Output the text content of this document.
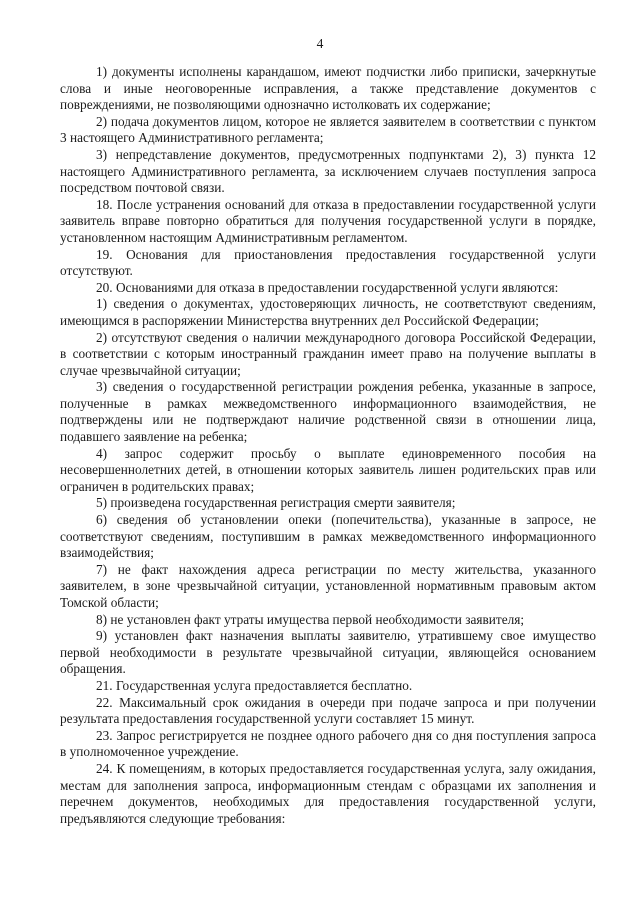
4

1) документы исполнены карандашом, имеют подчистки либо приписки, зачеркнутые слова и иные неоговоренные исправления, а также представление документов с повреждениями, не позволяющими однозначно истолковать их содержание;

2) подача документов лицом, которое не является заявителем в соответствии с пунктом 3 настоящего Административного регламента;

3) непредставление документов, предусмотренных подпунктами 2), 3) пункта 12 настоящего Административного регламента, за исключением случаев поступления запроса посредством почтовой связи.

18. После устранения оснований для отказа в предоставлении государственной услуги заявитель вправе повторно обратиться для получения государственной услуги в порядке, установленном настоящим Административным регламентом.

19. Основания для приостановления предоставления государственной услуги отсутствуют.

20. Основаниями для отказа в предоставлении государственной услуги являются:

1) сведения о документах, удостоверяющих личность, не соответствуют сведениям, имеющимся в распоряжении Министерства внутренних дел Российской Федерации;

2) отсутствуют сведения о наличии международного договора Российской Федерации, в соответствии с которым иностранный гражданин имеет право на получение выплаты в случае чрезвычайной ситуации;

3) сведения о государственной регистрации рождения ребенка, указанные в запросе, полученные в рамках межведомственного информационного взаимодействия, не подтверждены или не подтверждают наличие родственной связи в отношении лица, подавшего заявление на ребенка;

4) запрос содержит просьбу о выплате единовременного пособия на несовершеннолетних детей, в отношении которых заявитель лишен родительских прав или ограничен в родительских правах;

5) произведена государственная регистрация смерти заявителя;

6) сведения об установлении опеки (попечительства), указанные в запросе, не соответствуют сведениям, поступившим в рамках межведомственного информационного взаимодействия;

7) не факт нахождения адреса регистрации по месту жительства, указанного заявителем, в зоне чрезвычайной ситуации, установленной нормативным правовым актом Томской области;

8) не установлен факт утраты имущества первой необходимости заявителя;

9) установлен факт назначения выплаты заявителю, утратившему свое имущество первой необходимости в результате чрезвычайной ситуации, являющейся основанием обращения.

21. Государственная услуга предоставляется бесплатно.

22. Максимальный срок ожидания в очереди при подаче запроса и при получении результата предоставления государственной услуги составляет 15 минут.

23. Запрос регистрируется не позднее одного рабочего дня со дня поступления запроса в уполномоченное учреждение.

24. К помещениям, в которых предоставляется государственная услуга, залу ожидания, местам для заполнения запроса, информационным стендам с образцами их заполнения и перечнем документов, необходимых для предоставления государственной услуги, предъявляются следующие требования:
